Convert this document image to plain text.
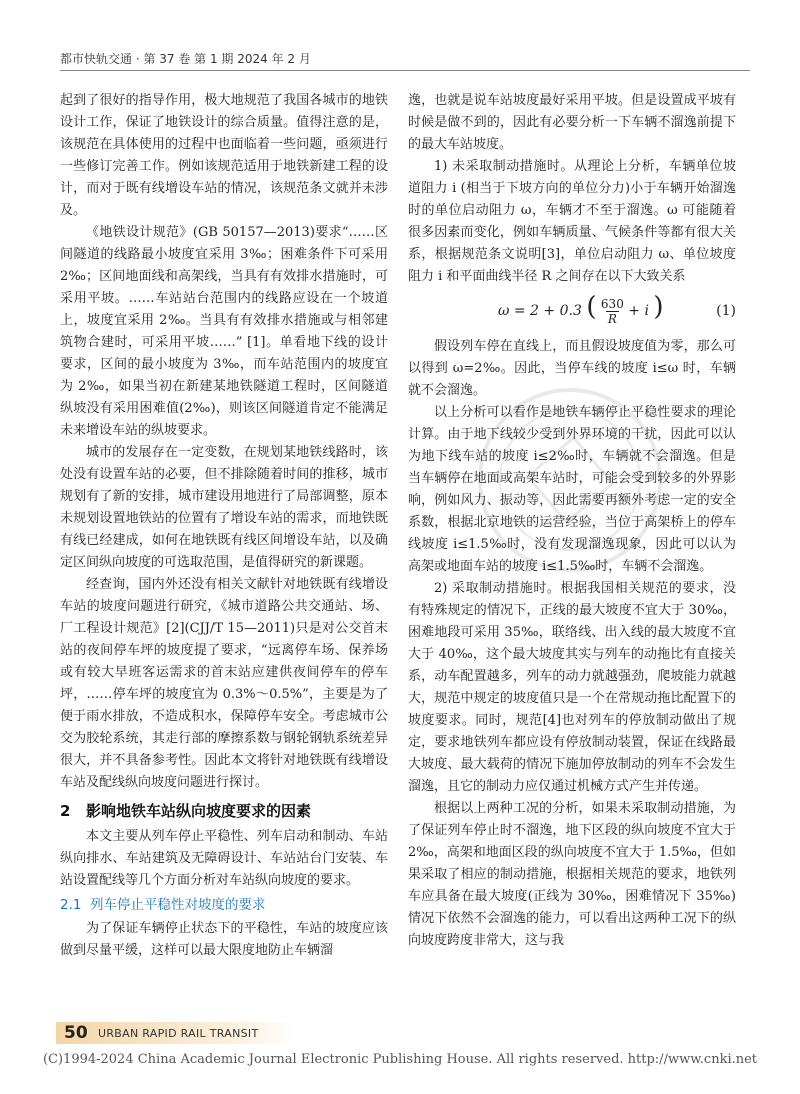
都市快轨交通 · 第 37 卷 第 1 期 2024 年 2 月

起到了很好的指导作用，极大地规范了我国各城市的地铁设计工作，保证了地铁设计的综合质量。值得注意的是，该规范在具体使用的过程中也面临着一些问题，亟须进行一些修订完善工作。例如该规范适用于地铁新建工程的设计，而对于既有线增设车站的情况，该规范条文就并未涉及。

《地铁设计规范》(GB 50157—2013)要求“……区间隧道的线路最小坡度宜采用 3‰；困难条件下可采用 2‰；区间地面线和高架线，当具有有效排水措施时，可采用平坡。……车站站台范围内的线路应设在一个坡道上，坡度宜采用 2‰。当具有有效排水措施或与相邻建筑物合建时，可采用平坡……” [1]。单看地下线的设计要求，区间的最小坡度为 3‰，而车站范围内的坡度宜为 2‰，如果当初在新建某地铁隧道工程时，区间隧道纵坡没有采用困难值(2‰)，则该区间隧道肯定不能满足未来增设车站的纵坡要求。

城市的发展存在一定变数，在规划某地铁线路时，该处没有设置车站的必要，但不排除随着时间的推移，城市规划有了新的安排，城市建设用地进行了局部调整，原本未规划设置地铁站的位置有了增设车站的需求，而地铁既有线已经建成，如何在地铁既有线区间增设车站，以及确定区间纵向坡度的可选取范围，是值得研究的新课题。

经查询，国内外还没有相关文献针对地铁既有线增设车站的坡度问题进行研究，《城市道路公共交通站、场、厂工程设计规范》[2](CJJ/T 15—2011)只是对公交首末站的夜间停车坪的坡度提了要求，“远离停车场、保养场或有较大早班客运需求的首末站应建供夜间停车的停车坪，……停车坪的坡度宜为 0.3%～0.5%”，主要是为了便于雨水排放，不造成积水，保障停车安全。考虑城市公交为胶轮系统，其走行部的摩擦系数与钢轮钢轨系统差异很大，并不具备参考性。因此本文将针对地铁既有线增设车站及配线纵向坡度问题进行探讨。

2 影响地铁车站纵向坡度要求的因素

本文主要从列车停止平稳性、列车启动和制动、车站纵向排水、车站建筑及无障碍设计、车站站台门安装、车站设置配线等几个方面分析对车站纵向坡度的要求。

2.1 列车停止平稳性对坡度的要求

为了保证车辆停止状态下的平稳性，车站的坡度应该做到尽量平缓，这样可以最大限度地防止车辆溜

逸，也就是说车站坡度最好采用平坡。但是设置成平坡有时候是做不到的，因此有必要分析一下车辆不溜逸前提下的最大车站坡度。

1) 未采取制动措施时。从理论上分析，车辆单位坡道阻力 i (相当于下坡方向的单位分力)小于车辆开始溜逸时的单位启动阻力 ω，车辆才不至于溜逸。ω 可能随着很多因素而变化，例如车辆质量、气候条件等都有很大关系，根据规范条文说明[3]，单位启动阻力 ω、单位坡度阻力 i 和平面曲线半径 R 之间存在以下大致关系

ω = 2 + 0.3 ( $\frac{630}{R} + i$ )	(1)

假设列车停在直线上，而且假设坡度值为零，那么可以得到 ω=2‰。因此，当停车线的坡度 i≤ω 时，车辆就不会溜逸。

以上分析可以看作是地铁车辆停止平稳性要求的理论计算。由于地下线较少受到外界环境的干扰，因此可以认为地下线车站的坡度 i≤2‰时，车辆就不会溜逸。但是当车辆停在地面或高架车站时，可能会受到较多的外界影响，例如风力、振动等，因此需要再额外考虑一定的安全系数，根据北京地铁的运营经验，当位于高架桥上的停车线坡度 i≤1.5‰时，没有发现溜逸现象，因此可以认为高架或地面车站的坡度 i≤1.5‰时，车辆不会溜逸。

2) 采取制动措施时。根据我国相关规范的要求，没有特殊规定的情况下，正线的最大坡度不宜大于 30‰，困难地段可采用 35‰，联络线、出入线的最大坡度不宜大于 40‰，这个最大坡度其实与列车的动拖比有直接关系，动车配置越多，列车的动力就越强劲，爬坡能力就越大，规范中规定的坡度值只是一个在常规动拖比配置下的坡度要求。同时，规范[4]也对列车的停放制动做出了规定，要求地铁列车都应设有停放制动装置，保证在线路最大坡度、最大载荷的情况下施加停放制动的列车不会发生溜逸，且它的制动力应仅通过机械方式产生并传递。

根据以上两种工况的分析，如果未采取制动措施，为了保证列车停止时不溜逸，地下区段的纵向坡度不宜大于 2‰，高架和地面区段的纵向坡度不宜大于 1.5‰，但如果采取了相应的制动措施，根据相关规范的要求，地铁列车应具备在最大坡度(正线为 30‰，困难情况下 35‰)情况下依然不会溜逸的能力，可以看出这两种工况下的纵向坡度跨度非常大，这与我

50 URBAN RAPID RAIL TRANSIT
(C)1994-2024 China Academic Journal Electronic Publishing House. All rights reserved. http://www.cnki.net
